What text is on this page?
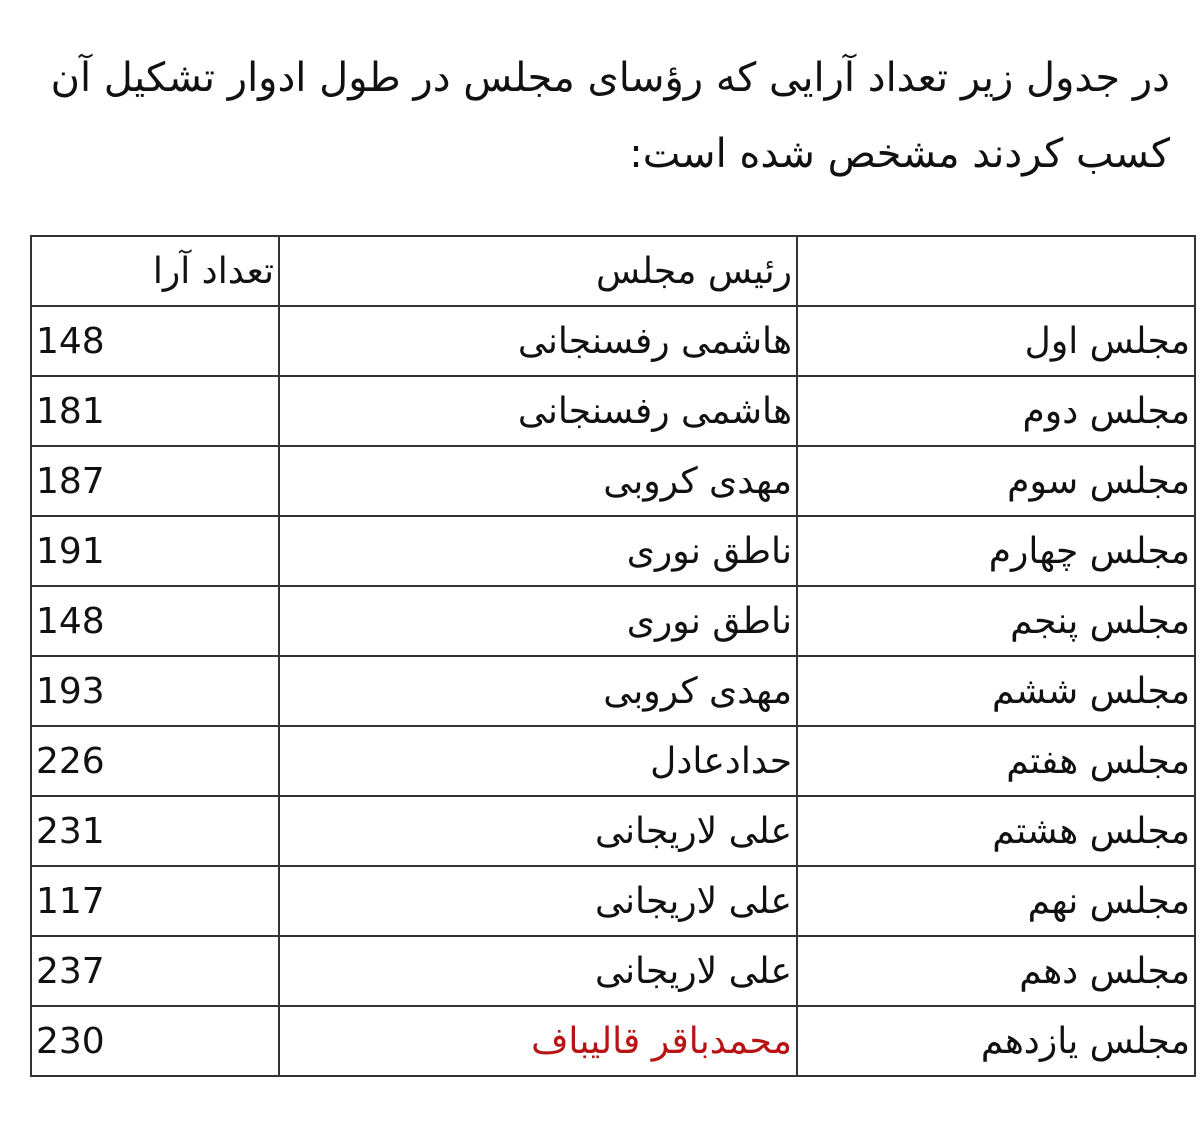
در جدول زیر تعداد آرایی که رؤسای مجلس در طول ادوار تشکیل آن کسب کردند مشخص شده است:

	رئیس مجلس	تعداد آرا
مجلس اول	هاشمی رفسنجانی	148
مجلس دوم	هاشمی رفسنجانی	181
مجلس سوم	مهدی کروبی	187
مجلس چهارم	ناطق نوری	191
مجلس پنجم	ناطق نوری	148
مجلس ششم	مهدی کروبی	193
مجلس هفتم	حدادعادل	226
مجلس هشتم	علی لاریجانی	231
مجلس نهم	علی لاریجانی	117
مجلس دهم	علی لاریجانی	237
مجلس یازدهم	محمدباقر قالیباف	230
